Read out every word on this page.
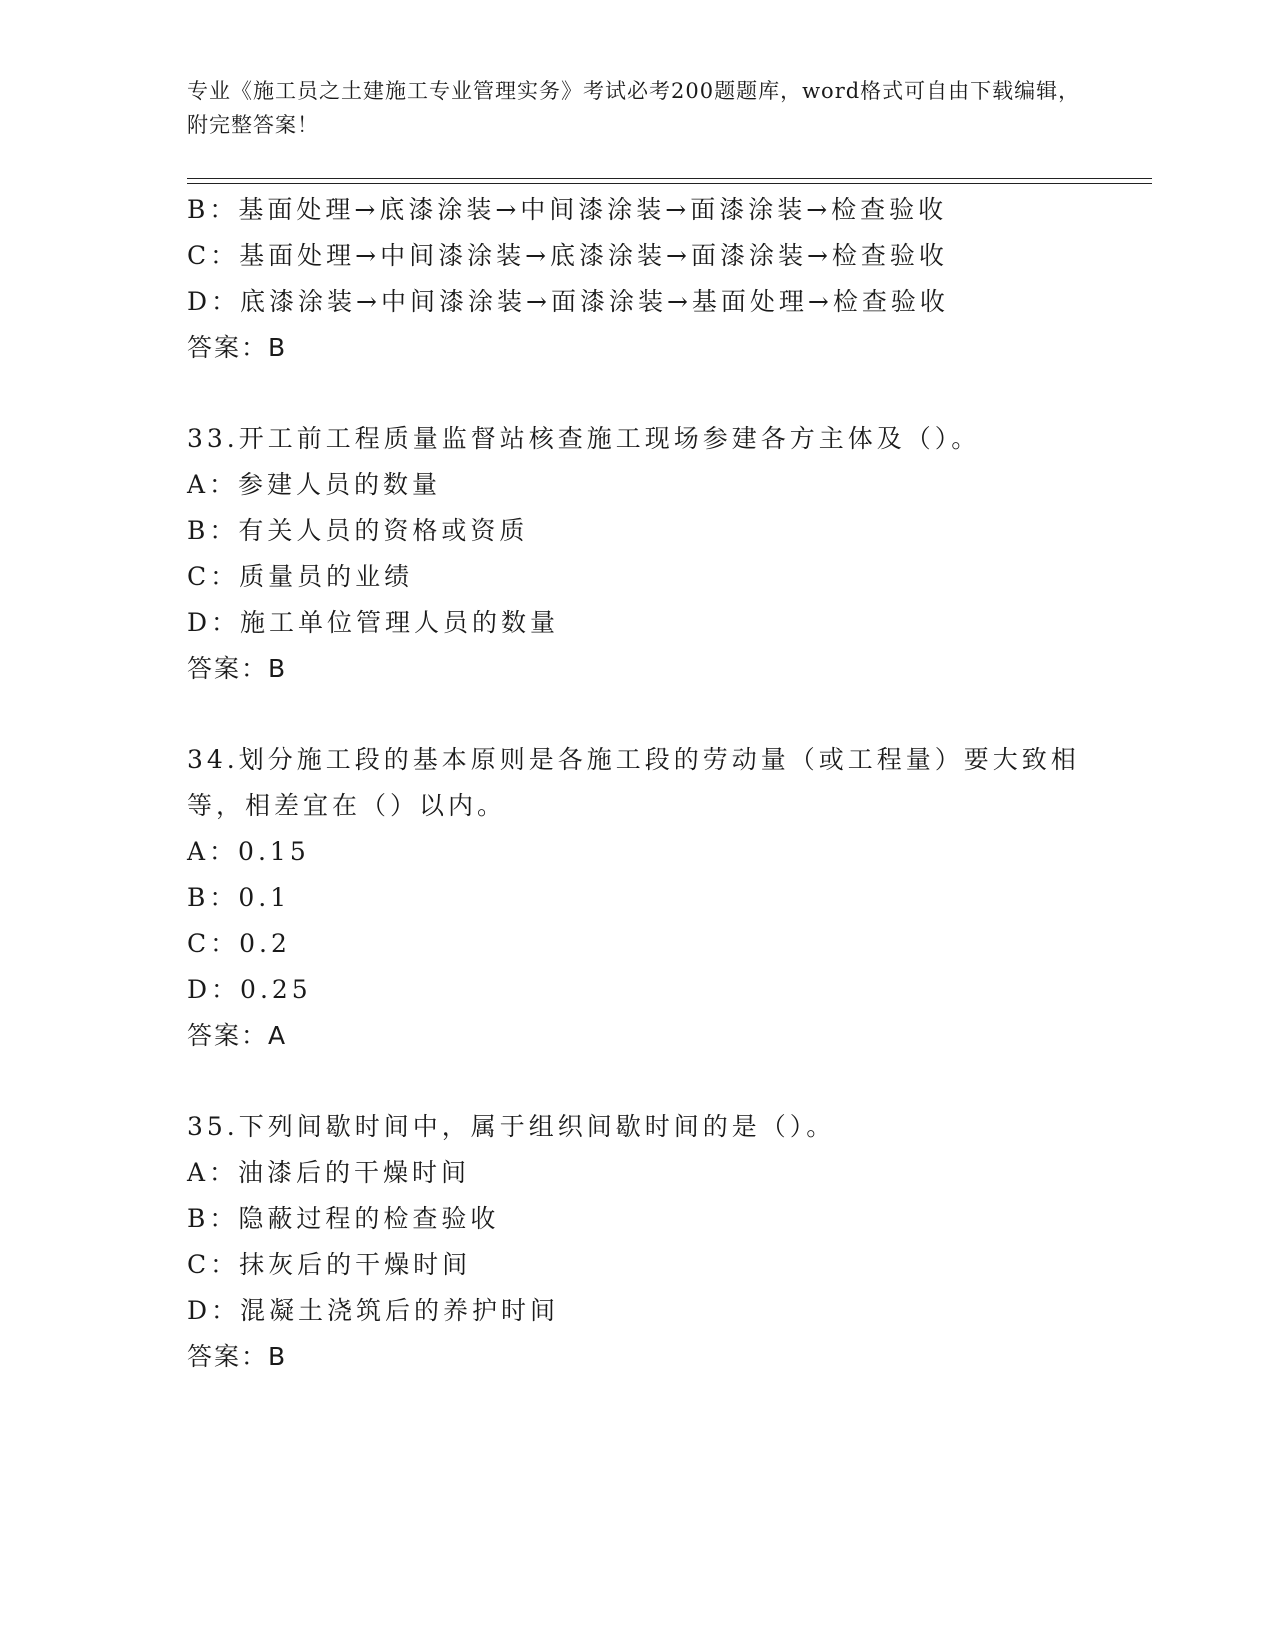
专业《施工员之土建施工专业管理实务》考试必考200题题库，word格式可自由下载编辑，附完整答案！
B：基面处理→底漆涂装→中间漆涂装→面漆涂装→检查验收
C：基面处理→中间漆涂装→底漆涂装→面漆涂装→检查验收
D：底漆涂装→中间漆涂装→面漆涂装→基面处理→检查验收
答案：B
33.开工前工程质量监督站核查施工现场参建各方主体及（）。
A：参建人员的数量
B：有关人员的资格或资质
C：质量员的业绩
D：施工单位管理人员的数量
答案：B
34.划分施工段的基本原则是各施工段的劳动量（或工程量）要大致相等，相差宜在（）以内。
A：0.15
B：0.1
C：0.2
D：0.25
答案：A
35.下列间歇时间中，属于组织间歇时间的是（）。
A：油漆后的干燥时间
B：隐蔽过程的检查验收
C：抹灰后的干燥时间
D：混凝土浇筑后的养护时间
答案：B
